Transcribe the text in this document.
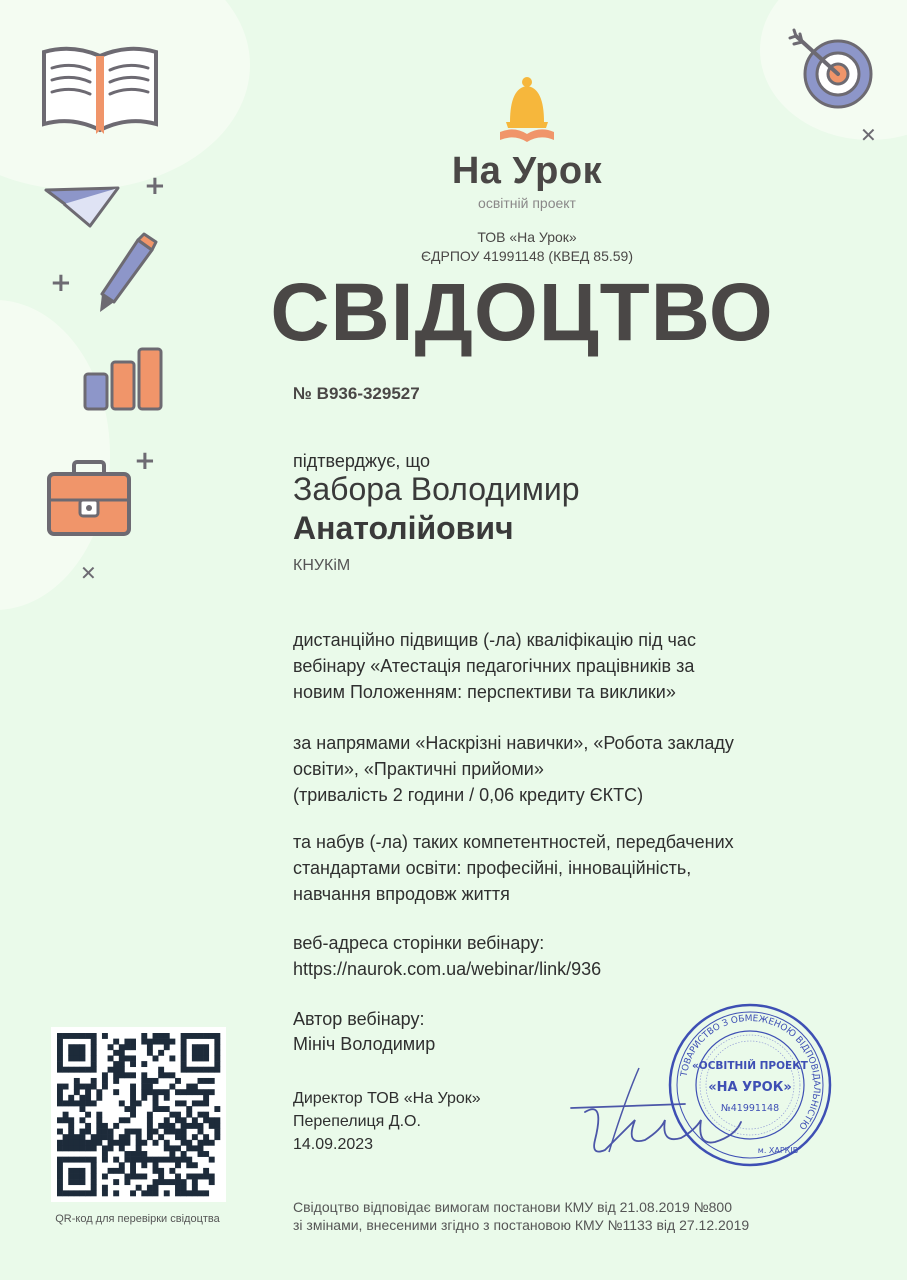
+
+
+
✕
✕
На Урок
освітній проект
ТОВ «На Урок»
ЄДРПОУ 41991148 (КВЕД 85.59)
СВІДОЦТВО
№ В936-329527
підтверджує, що
Забора Володимир
Анатолійович
КНУКіМ
дистанційно підвищив (-ла) кваліфікацію під час
вебінару «Атестація педагогічних працівників за
новим Положенням: перспективи та виклики»
за напрямами «Наскрізні навички», «Робота закладу
освіти», «Практичні прийоми»
(тривалість 2 години / 0,06 кредиту ЄКТС)
та набув (-ла) таких компетентностей, передбачених
стандартами освіти: професійні, інноваційність,
навчання впродовж життя
веб-адреса сторінки вебінару:
https://naurok.com.ua/webinar/link/936
Автор вебінару:
Мініч Володимир
Директор ТОВ «На Урок»
Перепелиця Д.О.
14.09.2023
ТОВАРИСТВО З ОБМЕЖЕНОЮ ВІДПОВІДАЛЬНІСТЮ
«ОСВІТНІЙ ПРОЕКТ
«НА УРОК»
№41991148
м. ХАРКІВ
QR-код для перевірки свідоцтва
Свідоцтво відповідає вимогам постанови КМУ від 21.08.2019 №800
зі змінами, внесеними згідно з постановою КМУ №1133 від 27.12.2019
